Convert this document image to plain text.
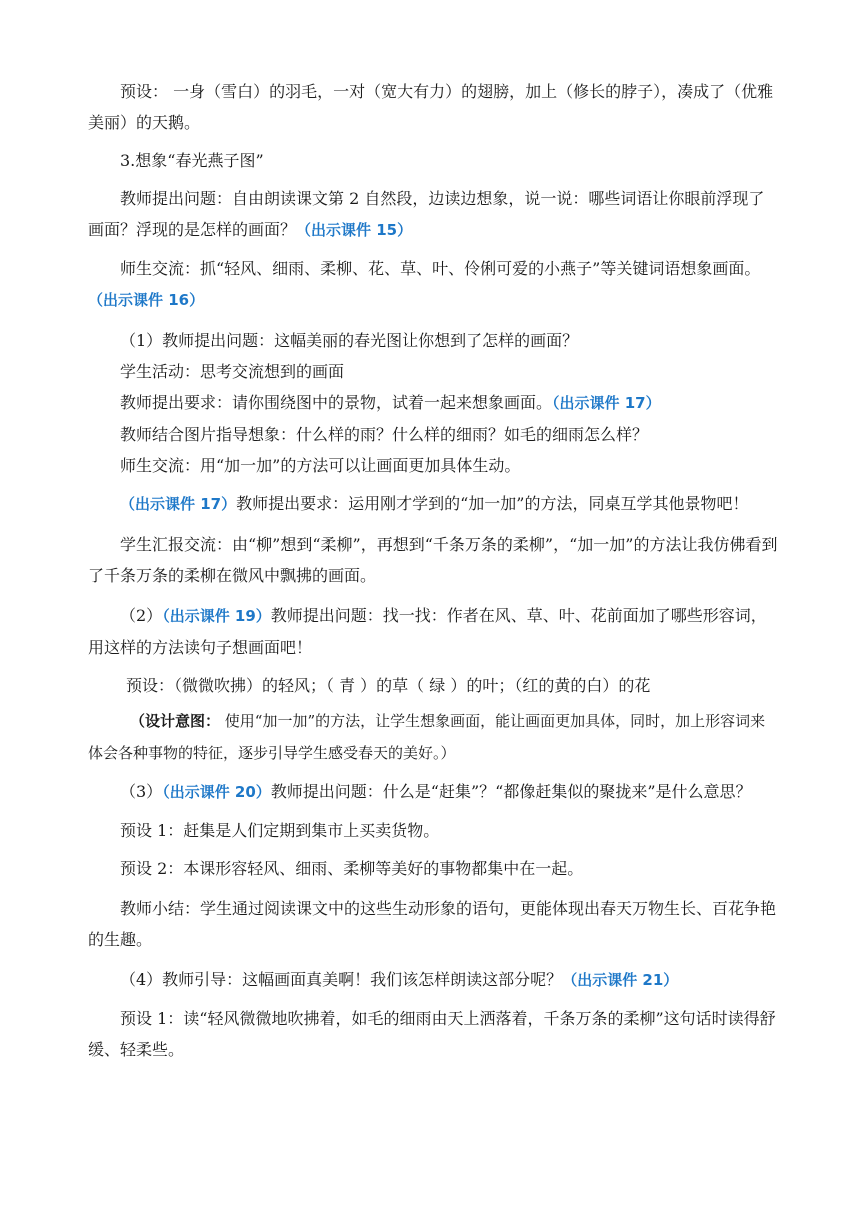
预设： 一身（雪白）的羽毛，一对（宽大有力）的翅膀，加上（修长的脖子），凑成了（优雅美丽）的天鹅。

3.想象“春光燕子图”

教师提出问题：自由朗读课文第 2 自然段，边读边想象，说一说：哪些词语让你眼前浮现了画面？浮现的是怎样的画面？（出示课件 15）

师生交流：抓“轻风、细雨、柔柳、花、草、叶、伶俐可爱的小燕子”等关键词语想象画面。（出示课件 16）

（1）教师提出问题：这幅美丽的春光图让你想到了怎样的画面？

学生活动：思考交流想到的画面

教师提出要求：请你围绕图中的景物，试着一起来想象画面。（出示课件 17）

教师结合图片指导想象：什么样的雨？什么样的细雨？如毛的细雨怎么样？

师生交流：用“加一加”的方法可以让画面更加具体生动。

（出示课件 17）教师提出要求：运用刚才学到的“加一加”的方法，同桌互学其他景物吧！

学生汇报交流：由“柳”想到“柔柳”，再想到“千条万条的柔柳”，“加一加”的方法让我仿佛看到了千条万条的柔柳在微风中飘拂的画面。

（2）（出示课件 19）教师提出问题：找一找：作者在风、草、叶、花前面加了哪些形容词，用这样的方法读句子想画面吧！

预设：（微微吹拂）的轻风；（ 青 ）的草（ 绿 ）的叶；（红的黄的白）的花

（设计意图： 使用“加一加”的方法，让学生想象画面，能让画面更加具体，同时，加上形容词来体会各种事物的特征，逐步引导学生感受春天的美好。）

（3）（出示课件 20）教师提出问题：什么是“赶集”？“都像赶集似的聚拢来”是什么意思？

预设 1：赶集是人们定期到集市上买卖货物。

预设 2：本课形容轻风、细雨、柔柳等美好的事物都集中在一起。

教师小结：学生通过阅读课文中的这些生动形象的语句，更能体现出春天万物生长、百花争艳的生趣。

（4）教师引导：这幅画面真美啊！我们该怎样朗读这部分呢？（出示课件 21）

预设 1：读“轻风微微地吹拂着，如毛的细雨由天上洒落着，千条万条的柔柳”这句话时读得舒缓、轻柔些。
